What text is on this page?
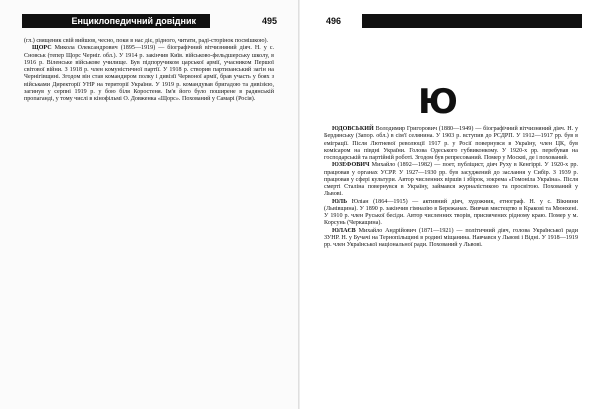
Енциклопедичний довідник	495

(гл.) священик свій вийшов, чесно, поки в нас діє, рідного, читати, раді-сторінок посмішкою).

ЩОРС Микола Олександрович (1895—1919) — біографічний вітчизняний діяч. Н. у с. Сновськ (тепер Щорс Черніг. обл.). У 1914 р. закінчив Київ. військово-фельдшерську школу, в 1916 р. Віленське військове училище. Був підпоручиком царської армії, учасником Першої світової війни. З 1918 р. член комуністичної партії. У 1918 р. створив партизанський загін на Чернігівщині. Згодом він став командиром полку і дивізії Червоної армії, брав участь у боях з військами Директорії УНР на території України. У 1919 р. командував бригадою та дивізією, загинув у серпні 1919 р. у бою біля Коростеня. Ім'я його було поширене в радянській пропаганді, у тому числі в кінофільмі О. Довженка «Щорс». Похований у Самарі (Росія).

496
Ю

ЮДОВСЬКИЙ Володимир Григорович (1880—1949) — біографічний вітчизняний діяч. Н. у Бердянську (Запор. обл.) в сім'ї селянина. У 1903 р. вступив до РСДРП. У 1912—1917 рр. був в еміграції. Після Лютневої революції 1917 р. у Росії повернувся в Україну, член ЦК, був комісаром на півдні України. Голова Одеського губвиконкому. У 1920-х рр. перебував на господарській та партійній роботі. Згодом був репресований. Помер у Москві, де і похований.

ЮЗЕФОВИЧ Михайло (1892—1982) — поет, публіцист, діяч Руху в Кенгіррі. У 1920-х рр. працював у органах УСРР. У 1927—1930 рр. був засуджений до заслання у Сибір. З 1939 р. працював у сфері культури. Автор численних віршів і збірок, зокрема «Гомоніла Україна». Після смерті Сталіна повернувся в Україну, займався журналістикою та просвітою. Похований у Львові.

ЮЛЬ Юліан (1864—1915) — активний діяч, художник, етнограф. Н. у с. Вікнини (Львівщина). У 1890 р. закінчив гімназію в Бережанах. Вивчав мистецтво в Кракові та Мюнхені. У 1910 р. член Руської бесіди. Автор численних творів, присвячених рідному краю. Помер у м. Корсунь (Черкащина).

ЮЛАЄВ Михайло Андрійович (1871—1921) — політичний діяч, голова Української ради ЗУНР. Н. у Бучачі на Тернопільщині в родині міщанина. Навчався у Львові і Відні. У 1918—1919 рр. член Української національної ради. Похований у Львові.
